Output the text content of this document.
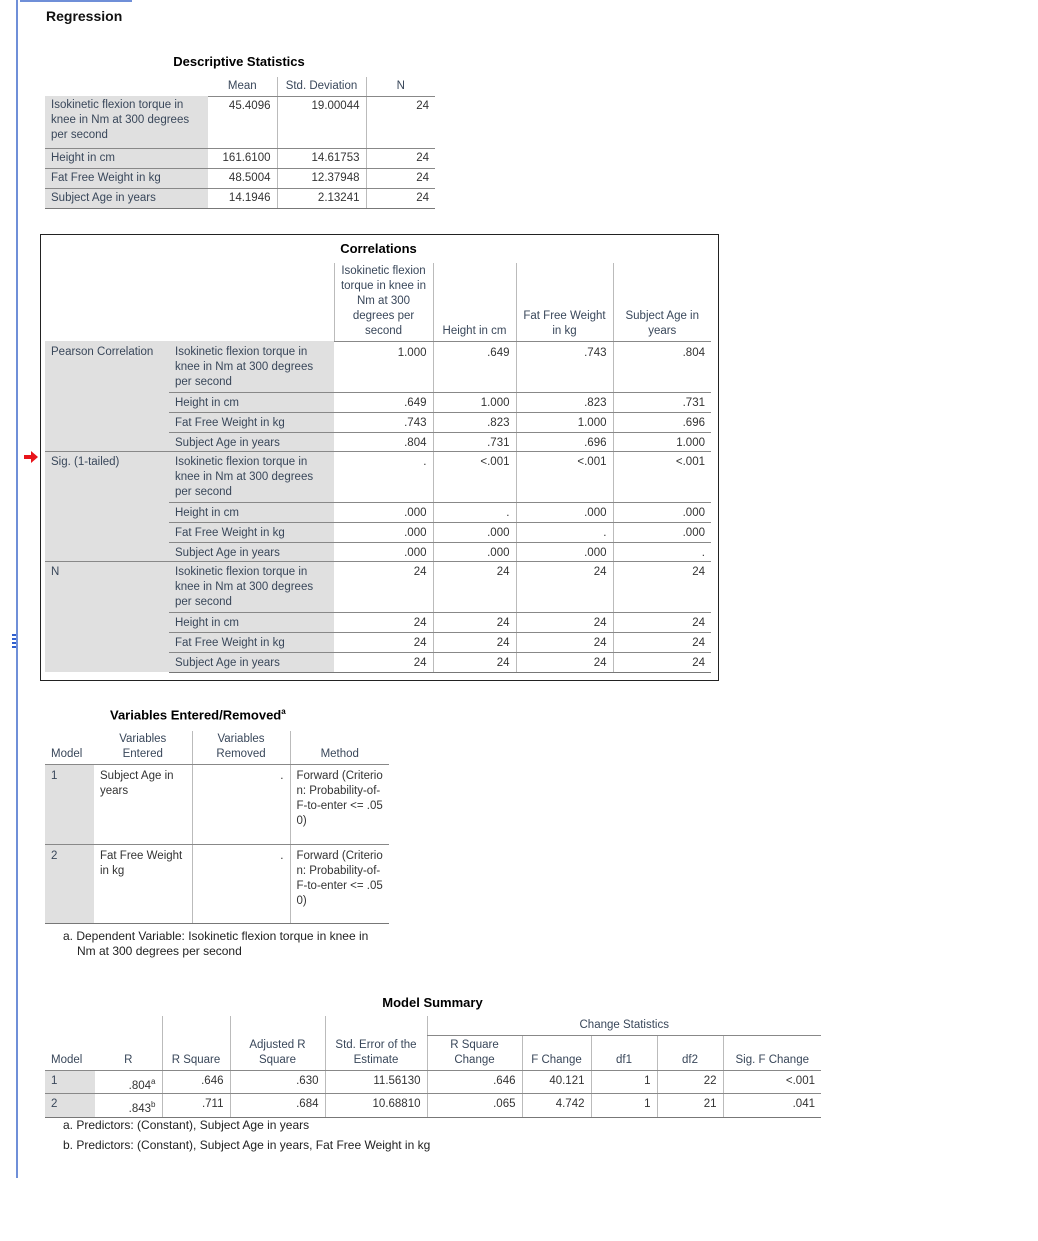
Regression
Descriptive Statistics
	Mean	Std. Deviation	N
Isokinetic flexion torque in knee in Nm at 300 degrees per second	45.4096	19.00044	24
Height in cm	161.6100	14.61753	24
Fat Free Weight in kg	48.5004	12.37948	24
Subject Age in years	14.1946	2.13241	24
Correlations
		Isokinetic flexion torque in knee in Nm at 300 degrees per second	Height in cm	Fat Free Weight in kg	Subject Age in years
Pearson Correlation	Isokinetic flexion torque in knee in Nm at 300 degrees per second	1.000	.649	.743	.804
	Height in cm	.649	1.000	.823	.731
	Fat Free Weight in kg	.743	.823	1.000	.696
	Subject Age in years	.804	.731	.696	1.000
Sig. (1-tailed)	Isokinetic flexion torque in knee in Nm at 300 degrees per second	.	<.001	<.001	<.001
	Height in cm	.000	.	.000	.000
	Fat Free Weight in kg	.000	.000	.	.000
	Subject Age in years	.000	.000	.000	.
N	Isokinetic flexion torque in knee in Nm at 300 degrees per second	24	24	24	24
	Height in cm	24	24	24	24
	Fat Free Weight in kg	24	24	24	24
	Subject Age in years	24	24	24	24
Variables Entered/Removed$^a$
Model	Variables Entered	Variables Removed	Method
1	Subject Age in years	.	Forward (Criterion: Probability-of-F-to-enter <= .050)
2	Fat Free Weight in kg	.	Forward (Criterion: Probability-of-F-to-enter <= .050)
a. Dependent Variable: Isokinetic flexion torque in knee in Nm at 300 degrees per second
Model Summary
					Change Statistics				
Model	R	R Square	Adjusted R Square	Std. Error of the Estimate	R Square Change	F Change	df1	df2	Sig. F Change
1	.804$^a$	.646	.630	11.56130	.646	40.121	1	22	<.001
2	.843$^b$	.711	.684	10.68810	.065	4.742	1	21	.041
a. Predictors: (Constant), Subject Age in years
b. Predictors: (Constant), Subject Age in years, Fat Free Weight in kg
